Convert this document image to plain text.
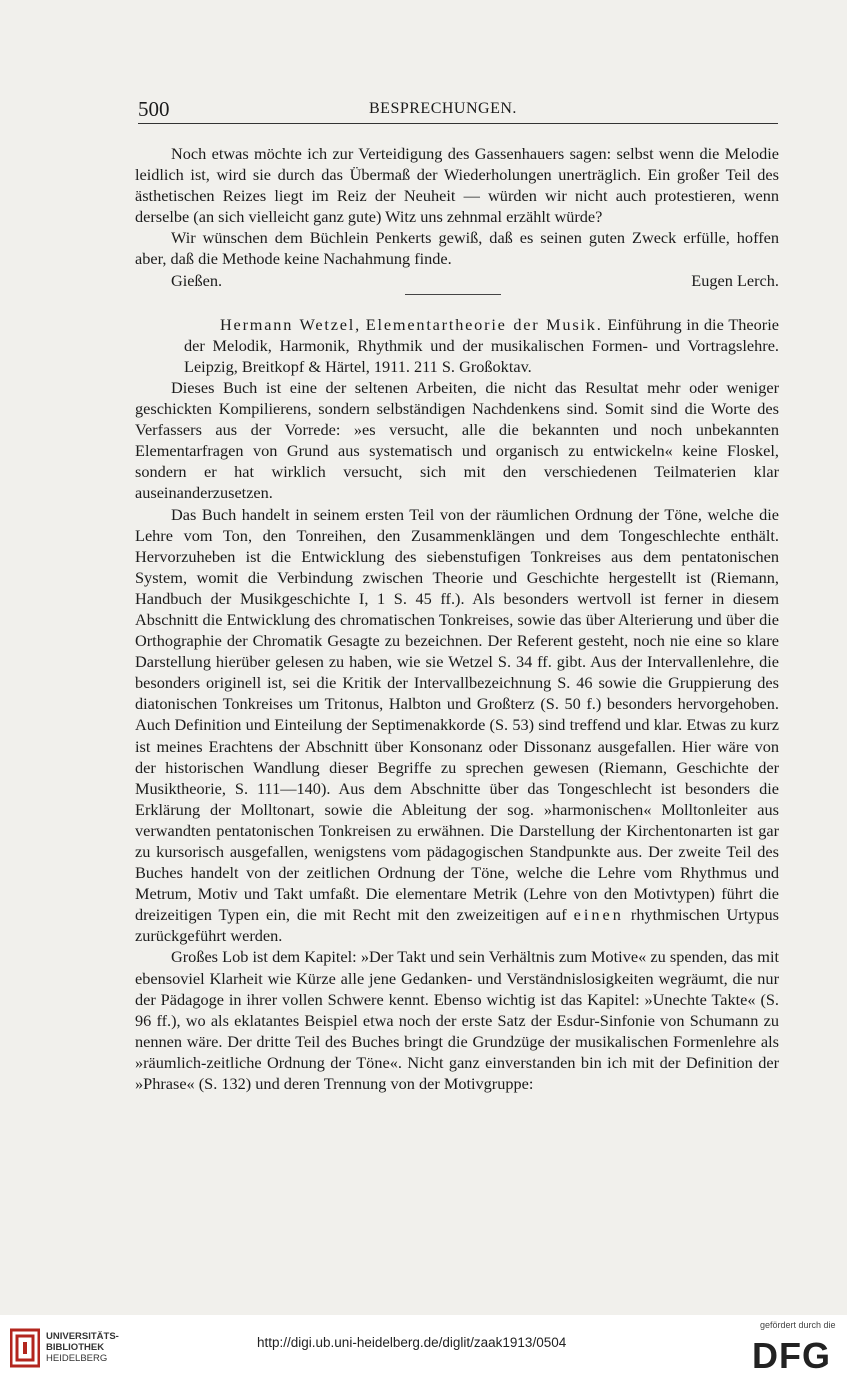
500	BESPRECHUNGEN.

Noch etwas möchte ich zur Verteidigung des Gassenhauers sagen: selbst wenn die Melodie leidlich ist, wird sie durch das Übermaß der Wiederholungen unerträglich. Ein großer Teil des ästhetischen Reizes liegt im Reiz der Neuheit — würden wir nicht auch protestieren, wenn derselbe (an sich vielleicht ganz gute) Witz uns zehnmal erzählt würde?

Wir wünschen dem Büchlein Penkerts gewiß, daß es seinen guten Zweck erfülle, hoffen aber, daß die Methode keine Nachahmung finde.

Gießen.	Eugen Lerch.

Hermann Wetzel, Elementartheorie der Musik. Einführung in die Theorie der Melodik, Harmonik, Rhythmik und der musikalischen Formen- und Vortragslehre. Leipzig, Breitkopf & Härtel, 1911. 211 S. Großoktav.

Dieses Buch ist eine der seltenen Arbeiten, die nicht das Resultat mehr oder weniger geschickten Kompilierens, sondern selbständigen Nachdenkens sind. Somit sind die Worte des Verfassers aus der Vorrede: »es versucht, alle die bekannten und noch unbekannten Elementarfragen von Grund aus systematisch und organisch zu entwickeln« keine Floskel, sondern er hat wirklich versucht, sich mit den verschiedenen Teilmaterien klar auseinanderzusetzen.

Das Buch handelt in seinem ersten Teil von der räumlichen Ordnung der Töne, welche die Lehre vom Ton, den Tonreihen, den Zusammenklängen und dem Tongeschlechte enthält. Hervorzuheben ist die Entwicklung des siebenstufigen Tonkreises aus dem pentatonischen System, womit die Verbindung zwischen Theorie und Geschichte hergestellt ist (Riemann, Handbuch der Musikgeschichte I, 1 S. 45 ff.). Als besonders wertvoll ist ferner in diesem Abschnitt die Entwicklung des chromatischen Tonkreises, sowie das über Alterierung und über die Orthographie der Chromatik Gesagte zu bezeichnen. Der Referent gesteht, noch nie eine so klare Darstellung hierüber gelesen zu haben, wie sie Wetzel S. 34 ff. gibt. Aus der Intervallenlehre, die besonders originell ist, sei die Kritik der Intervallbezeichnung S. 46 sowie die Gruppierung des diatonischen Tonkreises um Tritonus, Halbton und Großterz (S. 50 f.) besonders hervorgehoben. Auch Definition und Einteilung der Septimenakkorde (S. 53) sind treffend und klar. Etwas zu kurz ist meines Erachtens der Abschnitt über Konsonanz oder Dissonanz ausgefallen. Hier wäre von der historischen Wandlung dieser Begriffe zu sprechen gewesen (Riemann, Geschichte der Musiktheorie, S. 111—140). Aus dem Abschnitte über das Tongeschlecht ist besonders die Erklärung der Molltonart, sowie die Ableitung der sog. »harmonischen« Molltonleiter aus verwandten pentatonischen Tonkreisen zu erwähnen. Die Darstellung der Kirchentonarten ist gar zu kursorisch ausgefallen, wenigstens vom pädagogischen Standpunkte aus. Der zweite Teil des Buches handelt von der zeitlichen Ordnung der Töne, welche die Lehre vom Rhythmus und Metrum, Motiv und Takt umfaßt. Die elementare Metrik (Lehre von den Motivtypen) führt die dreizeitigen Typen ein, die mit Recht mit den zweizeitigen auf einen rhythmischen Urtypus zurückgeführt werden.

Großes Lob ist dem Kapitel: »Der Takt und sein Verhältnis zum Motive« zu spenden, das mit ebensoviel Klarheit wie Kürze alle jene Gedanken- und Verständnislosigkeiten wegräumt, die nur der Pädagoge in ihrer vollen Schwere kennt. Ebenso wichtig ist das Kapitel: »Unechte Takte« (S. 96 ff.), wo als eklatantes Beispiel etwa noch der erste Satz der Esdur-Sinfonie von Schumann zu nennen wäre. Der dritte Teil des Buches bringt die Grundzüge der musikalischen Formenlehre als »räumlich-zeitliche Ordnung der Töne«. Nicht ganz einverstanden bin ich mit der Definition der »Phrase« (S. 132) und deren Trennung von der Motivgruppe:

UNIVERSITÄTS-
BIBLIOTHEK
HEIDELBERG
http://digi.ub.uni-heidelberg.de/diglit/zaak1913/0504
gefördert durch die
DFG
